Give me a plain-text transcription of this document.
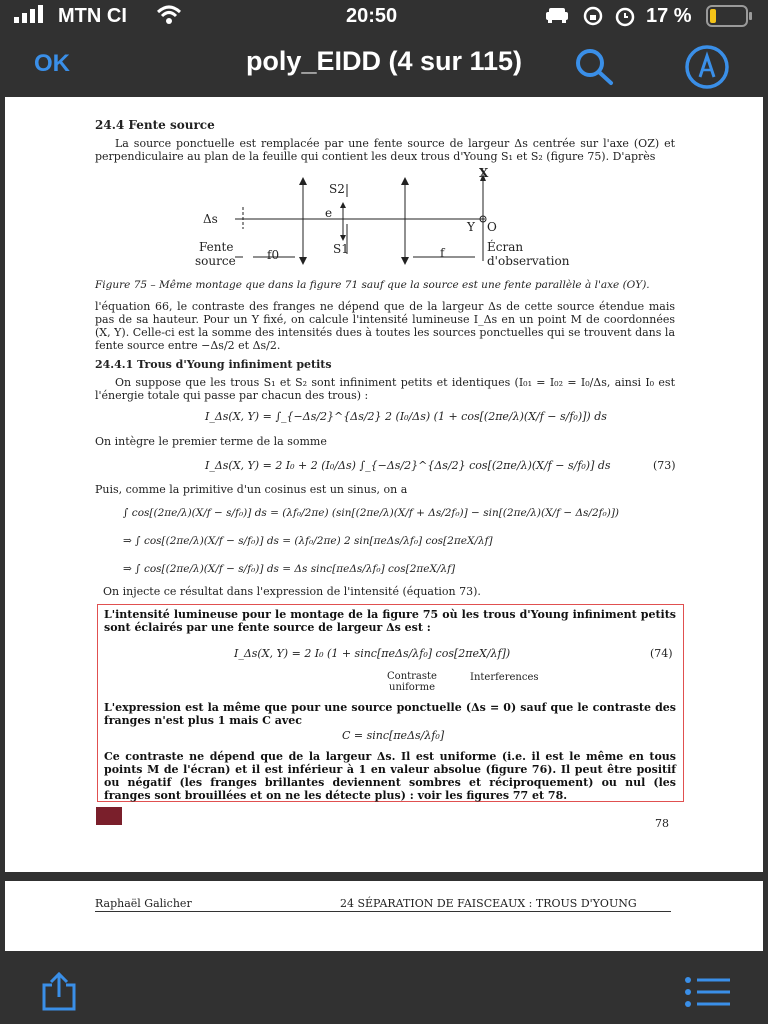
MTN CI	20:50	17 %
OK	poly_EIDD (4 sur 115)
24.4 Fente source
La source ponctuelle est remplacée par une fente source de largeur Δs centrée sur l'axe (OZ) et perpendiculaire au plan de la feuille qui contient les deux trous d'Young S₁ et S₂ (figure 75). D'après
X
S2
e
S1
Δs
Y O
Fente
source	f0	f	Écran
d'observation
Figure 75 – Même montage que dans la figure 71 sauf que la source est une fente parallèle à l'axe (OY).
l'équation 66, le contraste des franges ne dépend que de la largeur Δs de cette source étendue mais pas de sa hauteur. Pour un Y fixé, on calcule l'intensité lumineuse I_Δs en un point M de coordonnées (X, Y). Celle-ci est la somme des intensités dues à toutes les sources ponctuelles qui se trouvent dans la fente source entre −Δs/2 et Δs/2.
24.4.1 Trous d'Young infiniment petits
On suppose que les trous S₁ et S₂ sont infiniment petits et identiques (I₀₁ = I₀₂ = I₀/Δs, ainsi I₀ est l'énergie totale qui passe par chacun des trous) :
I_Δs(X, Y) = ∫_{−Δs/2}^{Δs/2} 2 (I₀/Δs) (1 + cos[(2πe/λ)(X/f − s/f₀)]) ds
On intègre le premier terme de la somme
I_Δs(X, Y) = 2 I₀ + 2 (I₀/Δs) ∫_{−Δs/2}^{Δs/2} cos[(2πe/λ)(X/f − s/f₀)] ds	(73)
Puis, comme la primitive d'un cosinus est un sinus, on a
∫ cos[(2πe/λ)(X/f − s/f₀)] ds = (λf₀/2πe) (sin[(2πe/λ)(X/f + Δs/2f₀)] − sin[(2πe/λ)(X/f − Δs/2f₀)])
⇒ ∫ cos[(2πe/λ)(X/f − s/f₀)] ds = (λf₀/2πe) 2 sin[πeΔs/λf₀] cos[2πeX/λf]
⇒ ∫ cos[(2πe/λ)(X/f − s/f₀)] ds = Δs sinc[πeΔs/λf₀] cos[2πeX/λf]
On injecte ce résultat dans l'expression de l'intensité (équation 73).
L'intensité lumineuse pour le montage de la figure 75 où les trous d'Young infiniment petits sont éclairés par une fente source de largeur Δs est :
I_Δs(X, Y) = 2 I₀ (1 + sinc[πeΔs/λf₀] cos[2πeX/λf])	(74)
Contraste uniforme
Interferences
L'expression est la même que pour une source ponctuelle (Δs = 0) sauf que le contraste des franges n'est plus 1 mais C avec
C = sinc[πeΔs/λf₀]
Ce contraste ne dépend que de la largeur Δs. Il est uniforme (i.e. il est le même en tous points M de l'écran) et il est inférieur à 1 en valeur absolue (figure 76). Il peut être positif ou négatif (les franges brillantes deviennent sombres et réciproquement) ou nul (les franges sont brouillées et on ne les détecte plus) : voir les figures 77 et 78.
78
Raphaël Galicher	24 SÉPARATION DE FAISCEAUX : TROUS D'YOUNG
